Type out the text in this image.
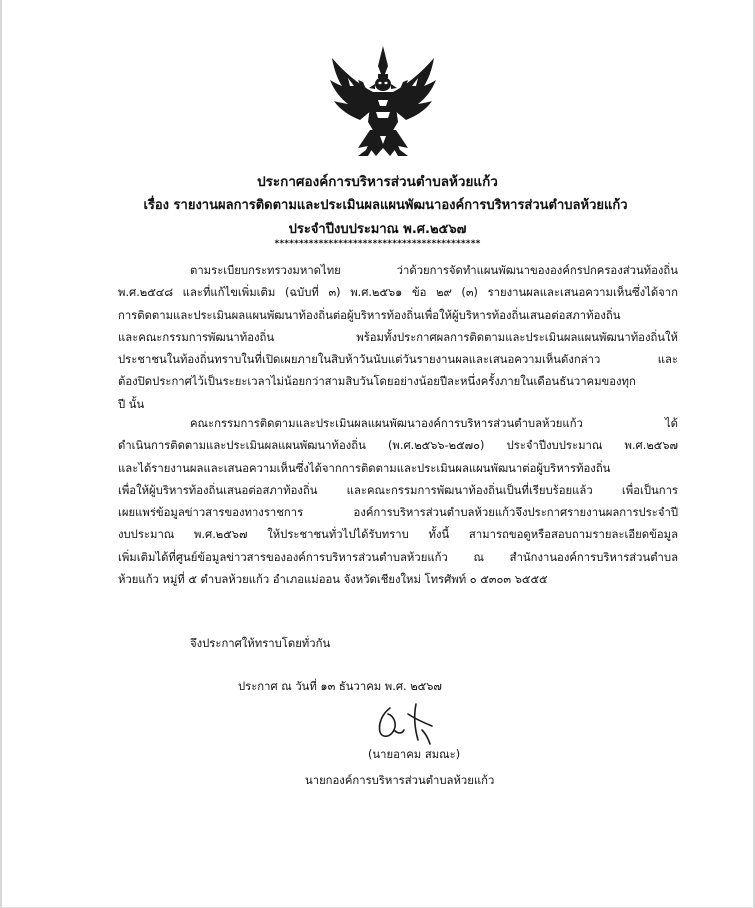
ประกาศองค์การบริหารส่วนตำบลห้วยแก้ว
เรื่อง รายงานผลการติดตามและประเมินผลแผนพัฒนาองค์การบริหารส่วนตำบลห้วยแก้ว
ประจำปีงบประมาณ พ.ศ.๒๕๖๗
******************************************
ตามระเบียบกระทรวงมหาดไทย ว่าด้วยการจัดทำแผนพัฒนาขององค์กรปกครองส่วนท้องถิ่น
พ.ศ.๒๕๔๘ และที่แก้ไขเพิ่มเติม (ฉบับที่ ๓) พ.ศ.๒๕๖๑ ข้อ ๒๙ (๓) รายงานผลและเสนอความเห็นซึ่งได้จาก
การติดตามและประเมินผลแผนพัฒนาท้องถิ่นต่อผู้บริหารท้องถิ่นเพื่อให้ผู้บริหารท้องถิ่นเสนอต่อสภาท้องถิ่น
และคณะกรรมการพัฒนาท้องถิ่น พร้อมทั้งประกาศผลการติดตามและประเมินผลแผนพัฒนาท้องถิ่นให้
ประชาชนในท้องถิ่นทราบในที่เปิดเผยภายในสิบห้าวันนับแต่วันรายงานผลและเสนอความเห็นดังกล่าว และ
ต้องปิดประกาศไว้เป็นระยะเวลาไม่น้อยกว่าสามสิบวันโดยอย่างน้อยปีละหนึ่งครั้งภายในเดือนธันวาคมของทุก
ปี นั้น
คณะกรรมการติดตามและประเมินผลแผนพัฒนาองค์การบริหารส่วนตำบลห้วยแก้ว ได้
ดำเนินการติดตามและประเมินผลแผนพัฒนาท้องถิ่น (พ.ศ.๒๕๖๖-๒๕๗๐) ประจำปีงบประมาณ พ.ศ.๒๕๖๗
และได้รายงานผลและเสนอความเห็นซึ่งได้จากการติดตามและประเมินผลแผนพัฒนาต่อผู้บริหารท้องถิ่น
เพื่อให้ผู้บริหารท้องถิ่นเสนอต่อสภาท้องถิ่น และคณะกรรมการพัฒนาท้องถิ่นเป็นที่เรียบร้อยแล้ว เพื่อเป็นการ
เผยแพร่ข้อมูลข่าวสารของทางราชการ องค์การบริหารส่วนตำบลห้วยแก้วจึงประกาศรายงานผลการประจำปี
งบประมาณ พ.ศ.๒๕๖๗ ให้ประชาชนทั่วไปได้รับทราบ ทั้งนี้ สามารถขอดูหรือสอบถามรายละเอียดข้อมูล
เพิ่มเติมได้ที่ศูนย์ข้อมูลข่าวสารขององค์การบริหารส่วนตำบลห้วยแก้ว ณ สำนักงานองค์การบริหารส่วนตำบล
ห้วยแก้ว หมู่ที่ ๕ ตำบลห้วยแก้ว อำเภอแม่ออน จังหวัดเชียงใหม่ โทรศัพท์ ๐ ๕๓๐๓ ๖๕๕๕
จึงประกาศให้ทราบโดยทั่วกัน
ประกาศ ณ วันที่ ๑๓ ธันวาคม พ.ศ. ๒๕๖๗
(นายอาคม สมณะ)
นายกองค์การบริหารส่วนตำบลห้วยแก้ว
